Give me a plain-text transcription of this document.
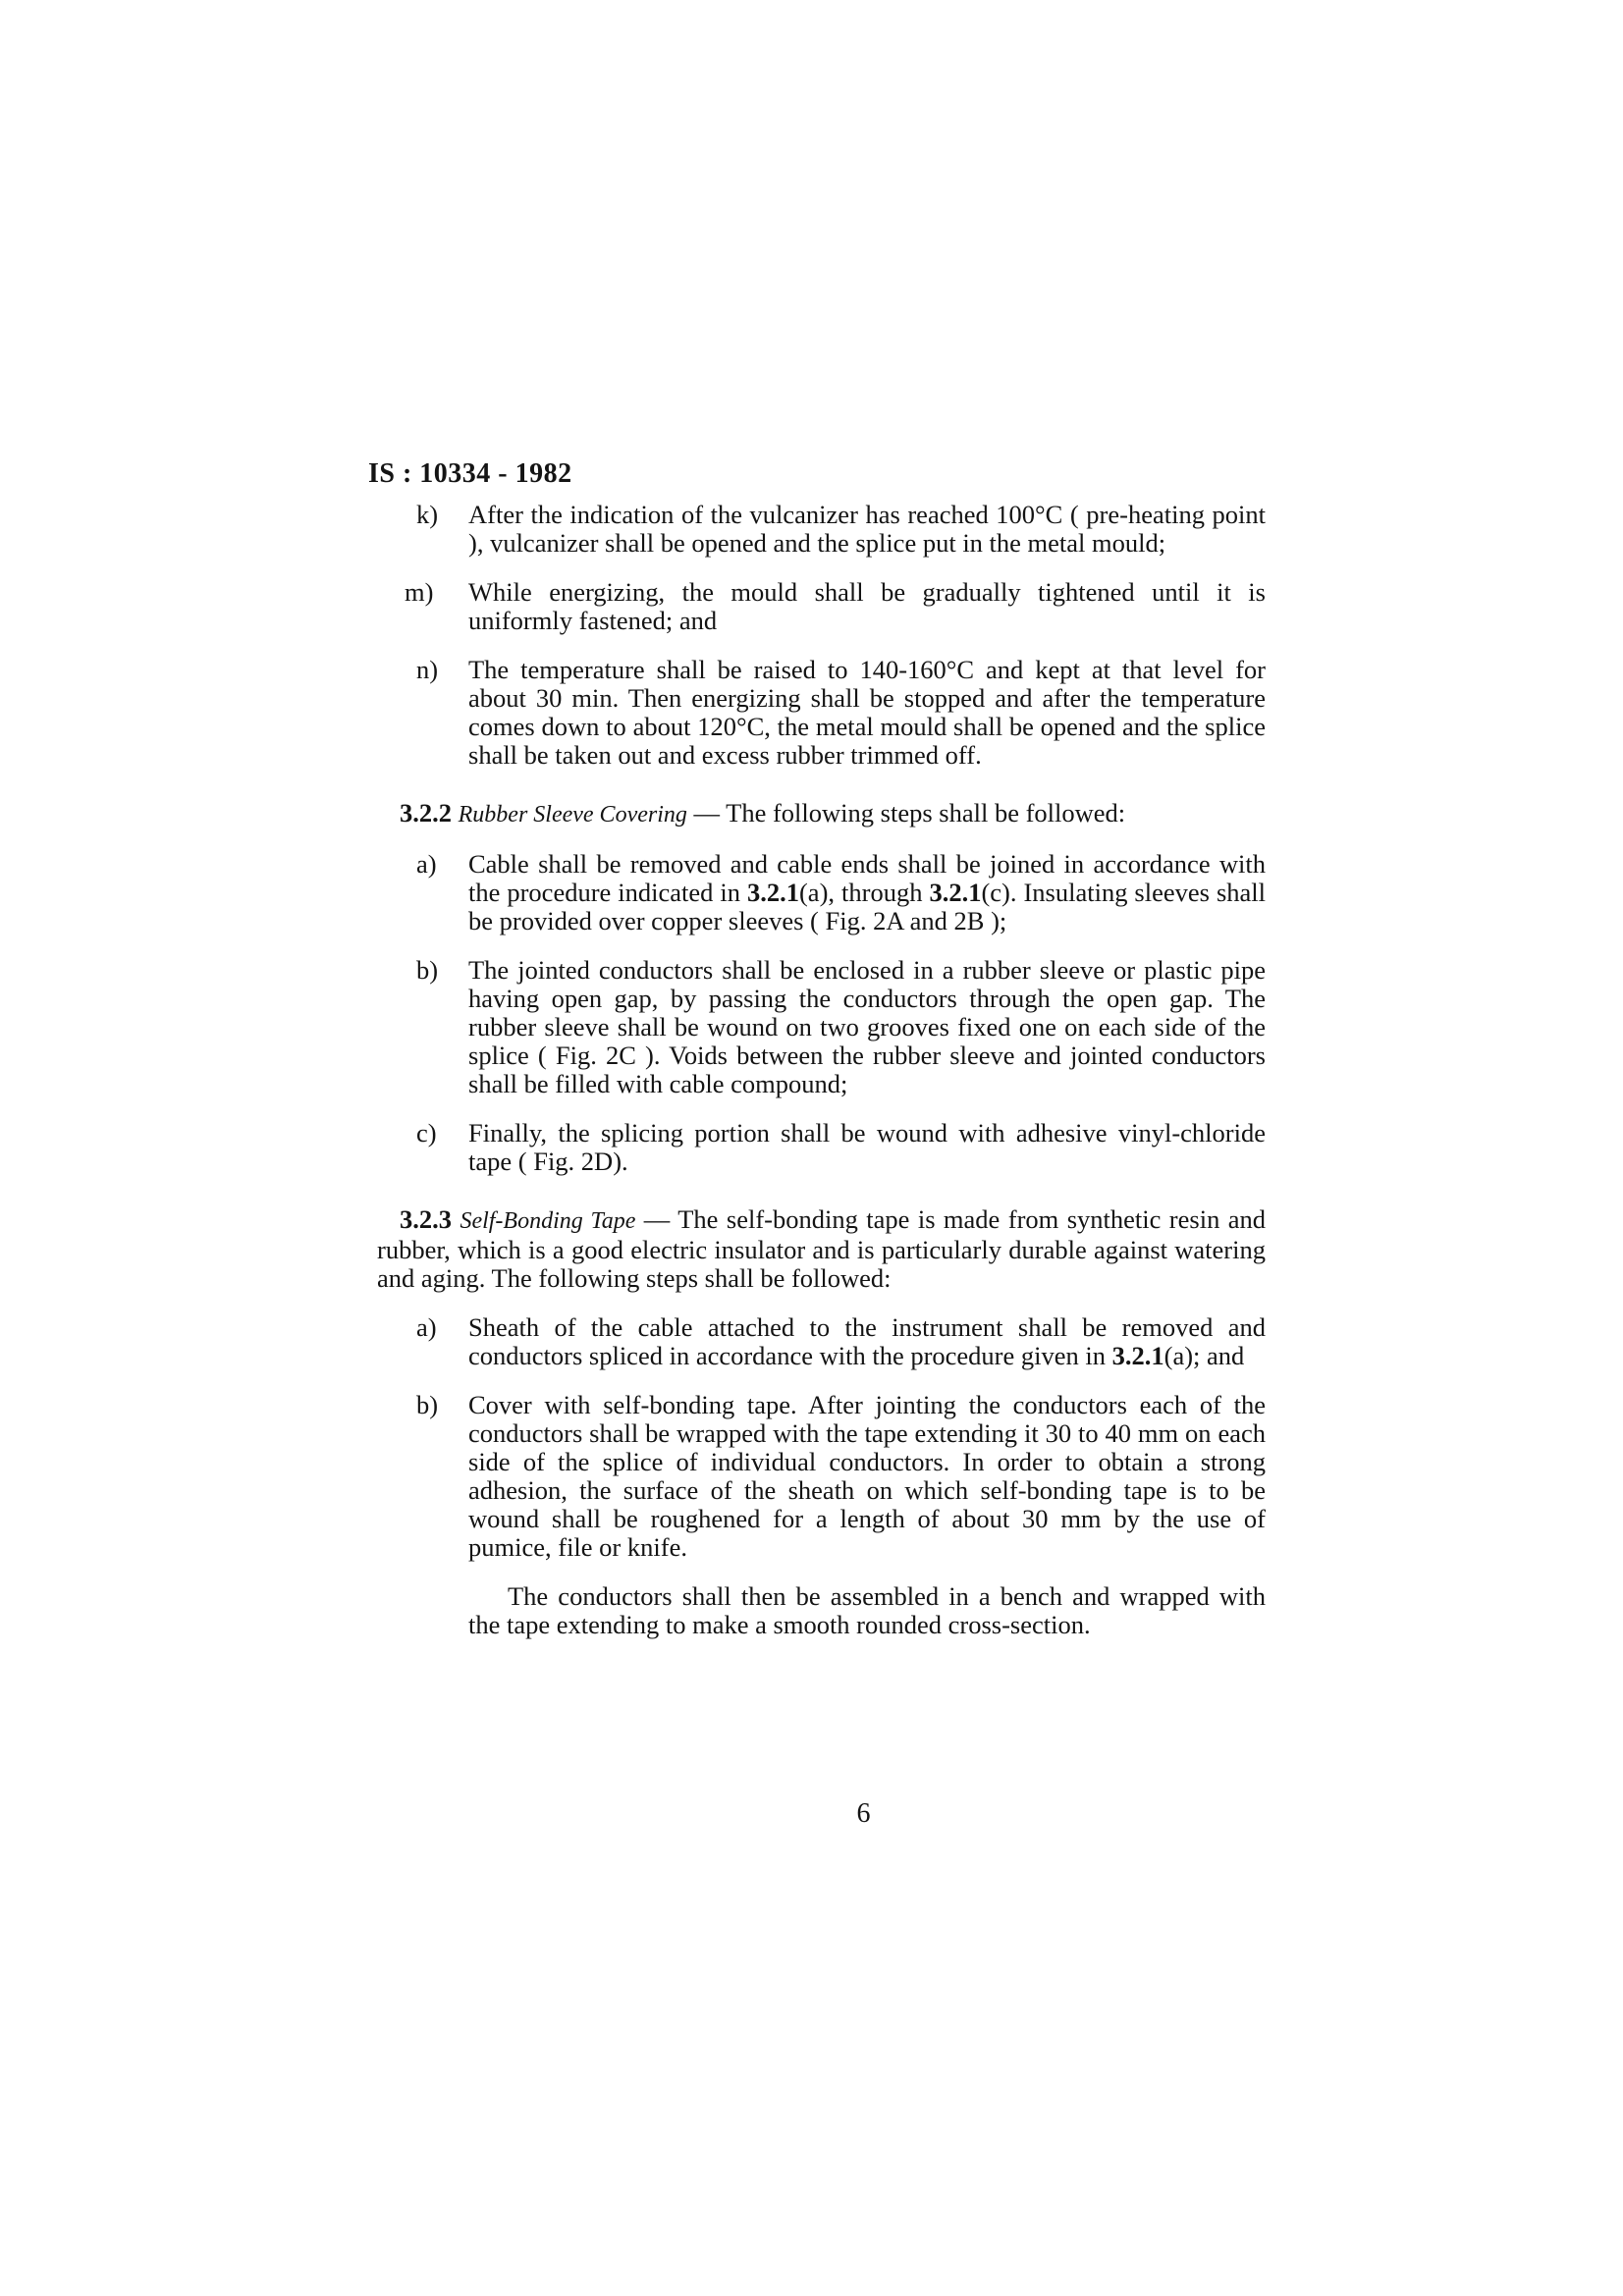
IS : 10334 - 1982
k)	After the indication of the vulcanizer has reached 100°C ( pre-heating point ), vulcanizer shall be opened and the splice put in the metal mould;
m)	While energizing, the mould shall be gradually tightened until it is uniformly fastened; and
n)	The temperature shall be raised to 140-160°C and kept at that level for about 30 min. Then energizing shall be stopped and after the temperature comes down to about 120°C, the metal mould shall be opened and the splice shall be taken out and excess rubber trimmed off.
3.2.2 Rubber Sleeve Covering — The following steps shall be followed:
a)	Cable shall be removed and cable ends shall be joined in accordance with the procedure indicated in 3.2.1(a), through 3.2.1(c). Insulating sleeves shall be provided over copper sleeves ( Fig. 2A and 2B );
b)	The jointed conductors shall be enclosed in a rubber sleeve or plastic pipe having open gap, by passing the conductors through the open gap. The rubber sleeve shall be wound on two grooves fixed one on each side of the splice ( Fig. 2C ). Voids between the rubber sleeve and jointed conductors shall be filled with cable compound;
c)	Finally, the splicing portion shall be wound with adhesive vinyl-chloride tape ( Fig. 2D).
3.2.3 Self-Bonding Tape — The self-bonding tape is made from synthetic resin and rubber, which is a good electric insulator and is particularly durable against watering and aging. The following steps shall be followed:
a)	Sheath of the cable attached to the instrument shall be removed and conductors spliced in accordance with the procedure given in 3.2.1(a); and
b)	Cover with self-bonding tape. After jointing the conductors each of the conductors shall be wrapped with the tape extending it 30 to 40 mm on each side of the splice of individual conductors. In order to obtain a strong adhesion, the surface of the sheath on which self-bonding tape is to be wound shall be roughened for a length of about 30 mm by the use of pumice, file or knife.
The conductors shall then be assembled in a bench and wrapped with the tape extending to make a smooth rounded cross-section.
6
